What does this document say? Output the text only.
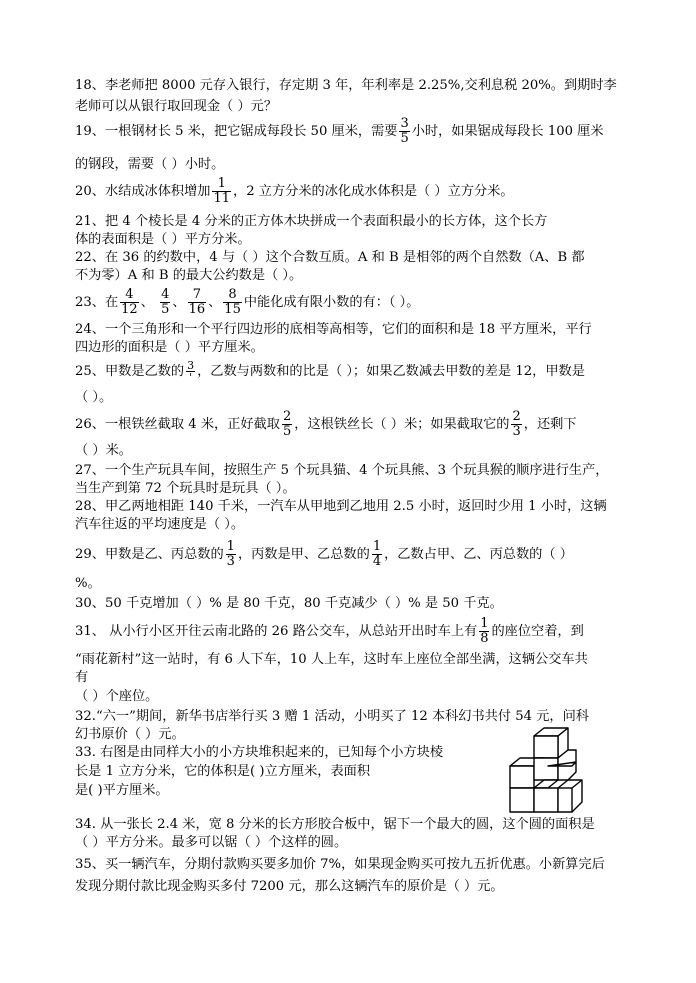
18、李老师把 8000 元存入银行，存定期 3 年，年利率是 2.25%,交利息税 20%。到期时李
老师可以从银行取回现金（ ）元？
19、一根钢材长 5 米，把它锯成每段长 50 厘米，需要 $\frac{3}{5}$ 小时，如果锯成每段长 100 厘米
的钢段，需要（ ）小时。
20、水结成冰体积增加 $\frac{1}{11}$ ，2 立方分米的冰化成水体积是（ ）立方分米。
21、把 4 个棱长是 4 分米的正方体木块拼成一个表面积最小的长方体，这个长方
体的表面积是（ ）平方分米。
22、在 36 的约数中，4 与（ ）这个合数互质。A 和 B 是相邻的两个自然数（A、B 都
不为零）A 和 B 的最大公约数是（ ）。
23、在 $\frac{4}{12}$ 、 $\frac{4}{5}$ 、 $\frac{7}{16}$ 、 $\frac{8}{15}$ 中能化成有限小数的有：（ ）。
24、一个三角形和一个平行四边形的底相等高相等，它们的面积和是 18 平方厘米，平行
四边形的面积是（ ）平方厘米。
25、甲数是乙数的 $\frac{3}{'}$ ，乙数与两数和的比是（ ）；如果乙数减去甲数的差是 12，甲数是
（ ）。
26、一根铁丝截取 4 米，正好截取 $\frac{2}{5}$ ，这根铁丝长（ ）米；如果截取它的 $\frac{2}{3}$ ，还剩下
（ ）米。
27、一个生产玩具车间，按照生产 5 个玩具猫、4 个玩具熊、3 个玩具猴的顺序进行生产，
当生产到第 72 个玩具时是玩具（ ）。
28、甲乙两地相距 140 千米，一汽车从甲地到乙地用 2.5 小时，返回时少用 1 小时，这辆
汽车往返的平均速度是（ ）。
29、甲数是乙、丙总数的 $\frac{1}{3}$ ，丙数是甲、乙总数的 $\frac{1}{4}$ ，乙数占甲、乙、丙总数的（ ）
%。
30、50 千克增加（ ）% 是 80 千克，80 千克减少（ ）% 是 50 千克。
31、 从小行小区开往云南北路的 26 路公交车，从总站开出时车上有 $\frac{1}{8}$ 的座位空着，到
“雨花新村”这一站时，有 6 人下车，10 人上车，这时车上座位全部坐满，这辆公交车共
有
（ ）个座位。
32.“六一”期间，新华书店举行买 3 赠 1 活动，小明买了 12 本科幻书共付 54 元，问科
幻书原价（ ）元。
33. 右图是由同样大小的小方块堆积起来的，已知每个小方块棱
长是 1 立方分米，它的体积是( )立方厘米，表面积
是( )平方厘米。
34. 从一张长 2.4 米，宽 8 分米的长方形胶合板中，锯下一个最大的圆，这个圆的面积是
（ ）平方分米。最多可以锯（ ）个这样的圆。
35、买一辆汽车，分期付款购买要多加价 7%，如果现金购买可按九五折优惠。小新算完后
发现分期付款比现金购买多付 7200 元，那么这辆汽车的原价是（ ）元。
